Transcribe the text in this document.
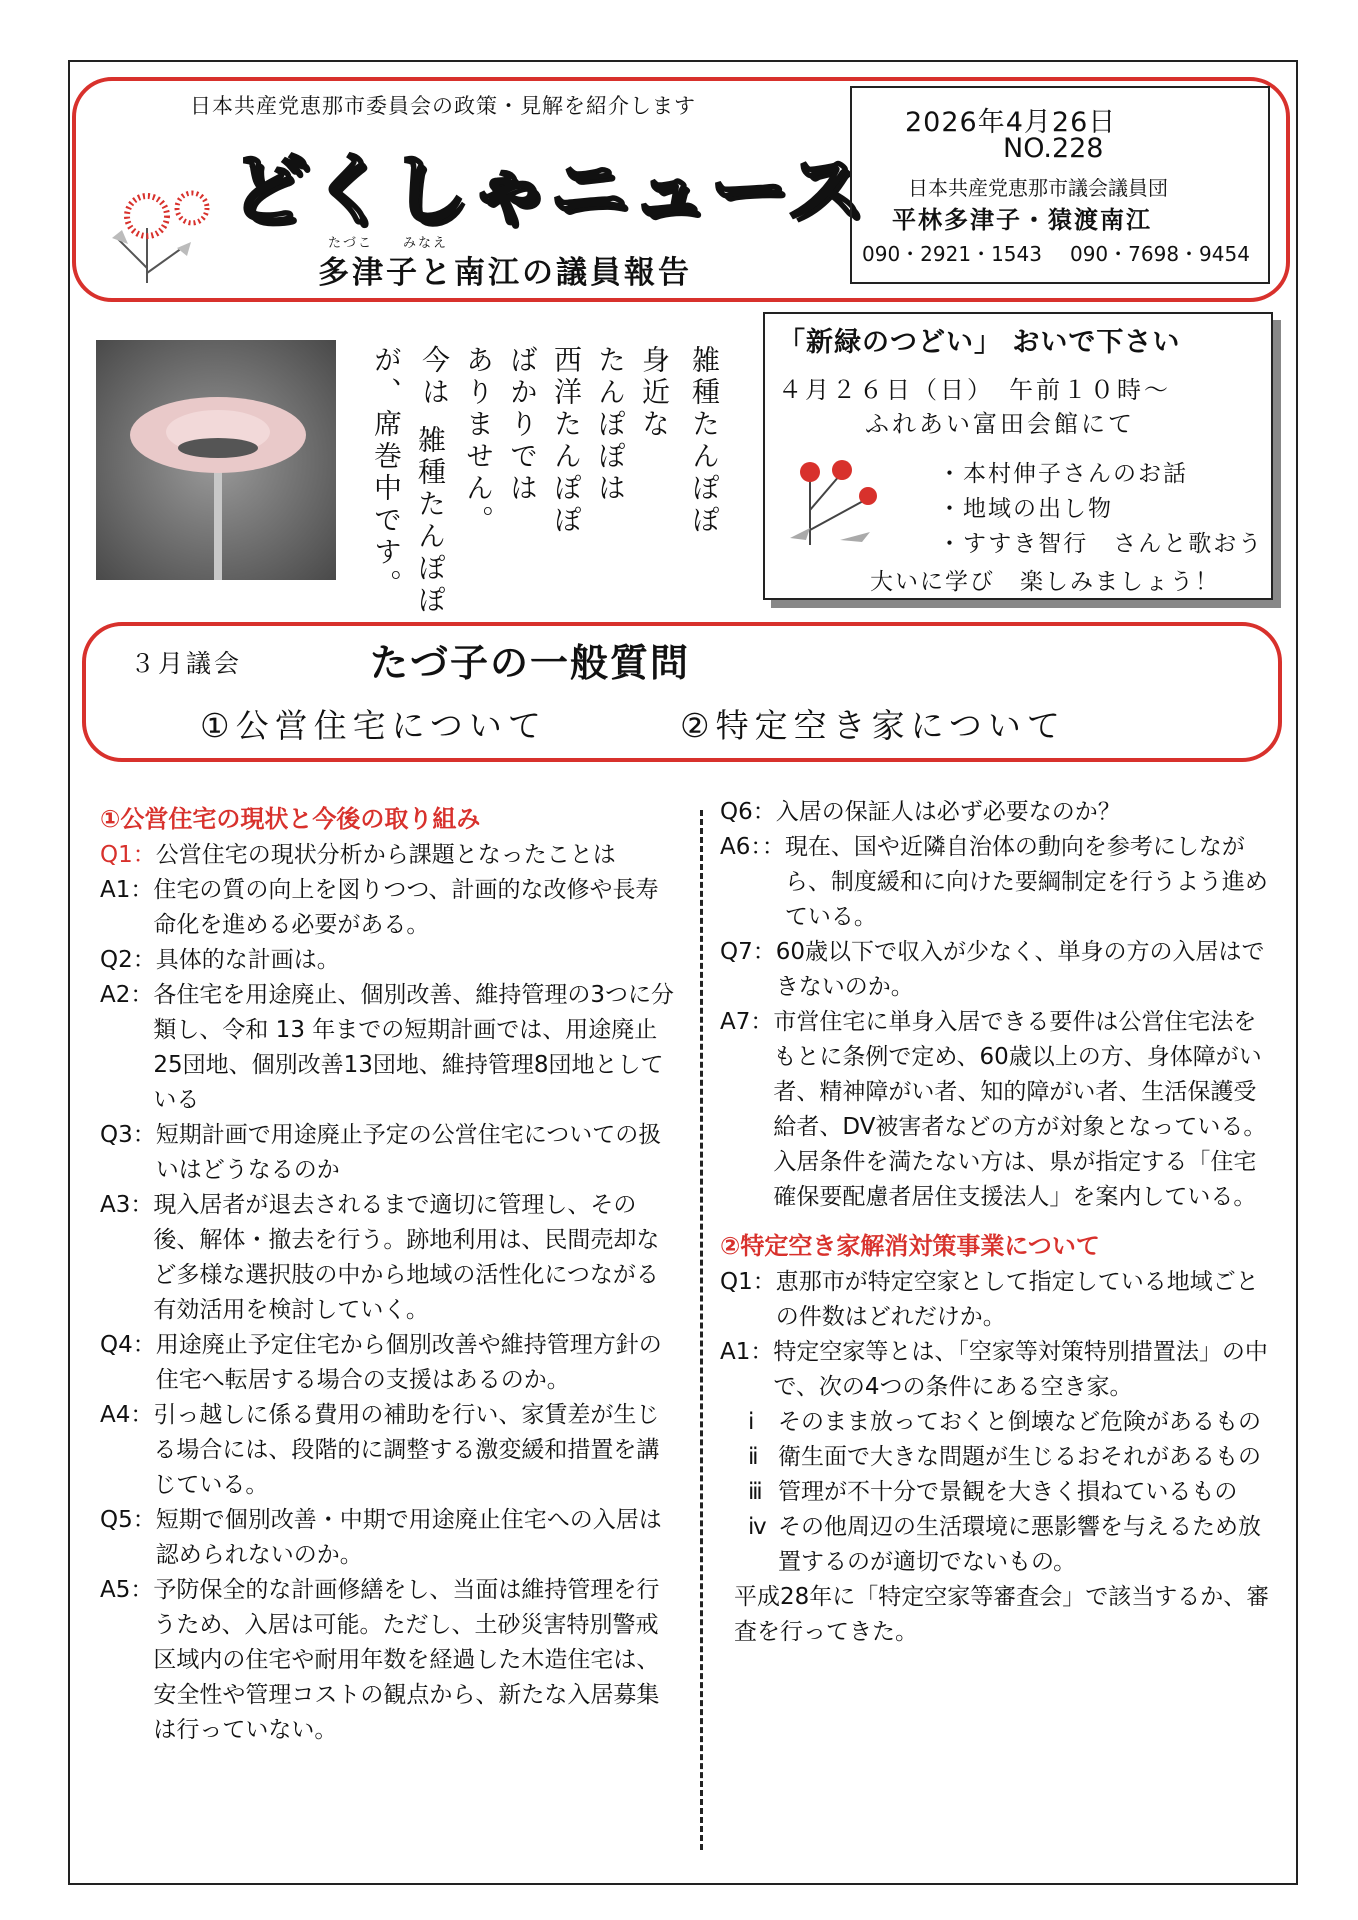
日本共産党恵那市委員会の政策・見解を紹介します
どくしゃニュース
たづこ　　みなえ
多津子と南江の議員報告
2026年4月26日
NO.228
日本共産党恵那市議会議員団
平林多津子・猿渡南江
090・2921・1543 090・7698・9454
雑種たんぽぽ
身近な
たんぽぽは
西洋たんぽぽ
ばかりでは
ありません。
今は
雑種たんぽぽ
が、席巻中です。
「新緑のつどい」 おいで下さい
４月２６日（日）　午前１０時～
ふれあい富田会館にて
・本村伸子さんのお話
・地域の出し物
・すすき智行　さんと歌おう
大いに学び　楽しみましょう！
３月議会	たづ子の一般質問
①公営住宅について	②特定空き家について
①公営住宅の現状と今後の取り組み
Q1： 公営住宅の現状分析から課題となったことは
A1： 住宅の質の向上を図りつつ、計画的な改修や長寿命化を進める必要がある。
Q2： 具体的な計画は。
A2： 各住宅を用途廃止、個別改善、維持管理の3つに分類し、令和 13 年までの短期計画では、用途廃止25団地、個別改善13団地、維持管理8団地としている
Q3： 短期計画で用途廃止予定の公営住宅についての扱いはどうなるのか
A3： 現入居者が退去されるまで適切に管理し、その後、解体・撤去を行う。跡地利用は、民間売却など多様な選択肢の中から地域の活性化につながる有効活用を検討していく。
Q4： 用途廃止予定住宅から個別改善や維持管理方針の住宅へ転居する場合の支援はあるのか。
A4： 引っ越しに係る費用の補助を行い、家賃差が生じる場合には、段階的に調整する激変緩和措置を講じている。
Q5： 短期で個別改善・中期で用途廃止住宅への入居は認められないのか。
A5： 予防保全的な計画修繕をし、当面は維持管理を行うため、入居は可能。ただし、土砂災害特別警戒区域内の住宅や耐用年数を経過した木造住宅は、安全性や管理コストの観点から、新たな入居募集は行っていない。
Q6： 入居の保証人は必ず必要なのか？
A6：： 現在、国や近隣自治体の動向を参考にしながら、制度緩和に向けた要綱制定を行うよう進めている。
Q7： 60歳以下で収入が少なく、単身の方の入居はできないのか。
A7： 市営住宅に単身入居できる要件は公営住宅法をもとに条例で定め、60歳以上の方、身体障がい者、精神障がい者、知的障がい者、生活保護受給者、DV被害者などの方が対象となっている。入居条件を満たない方は、県が指定する「住宅確保要配慮者居住支援法人」を案内している。
②特定空き家解消対策事業について
Q1： 恵那市が特定空家として指定している地域ごとの件数はどれだけか。
A1： 特定空家等とは、「空家等対策特別措置法」の中で、次の4つの条件にある空き家。
ⅰ	そのまま放っておくと倒壊など危険があるもの
ⅱ 衛生面で大きな問題が生じるおそれがあるもの
ⅲ 管理が不十分で景観を大きく損ねているもの
ⅳ その他周辺の生活環境に悪影響を与えるため放置するのが適切でないもの。
平成28年に「特定空家等審査会」で該当するか、審査を行ってきた。
